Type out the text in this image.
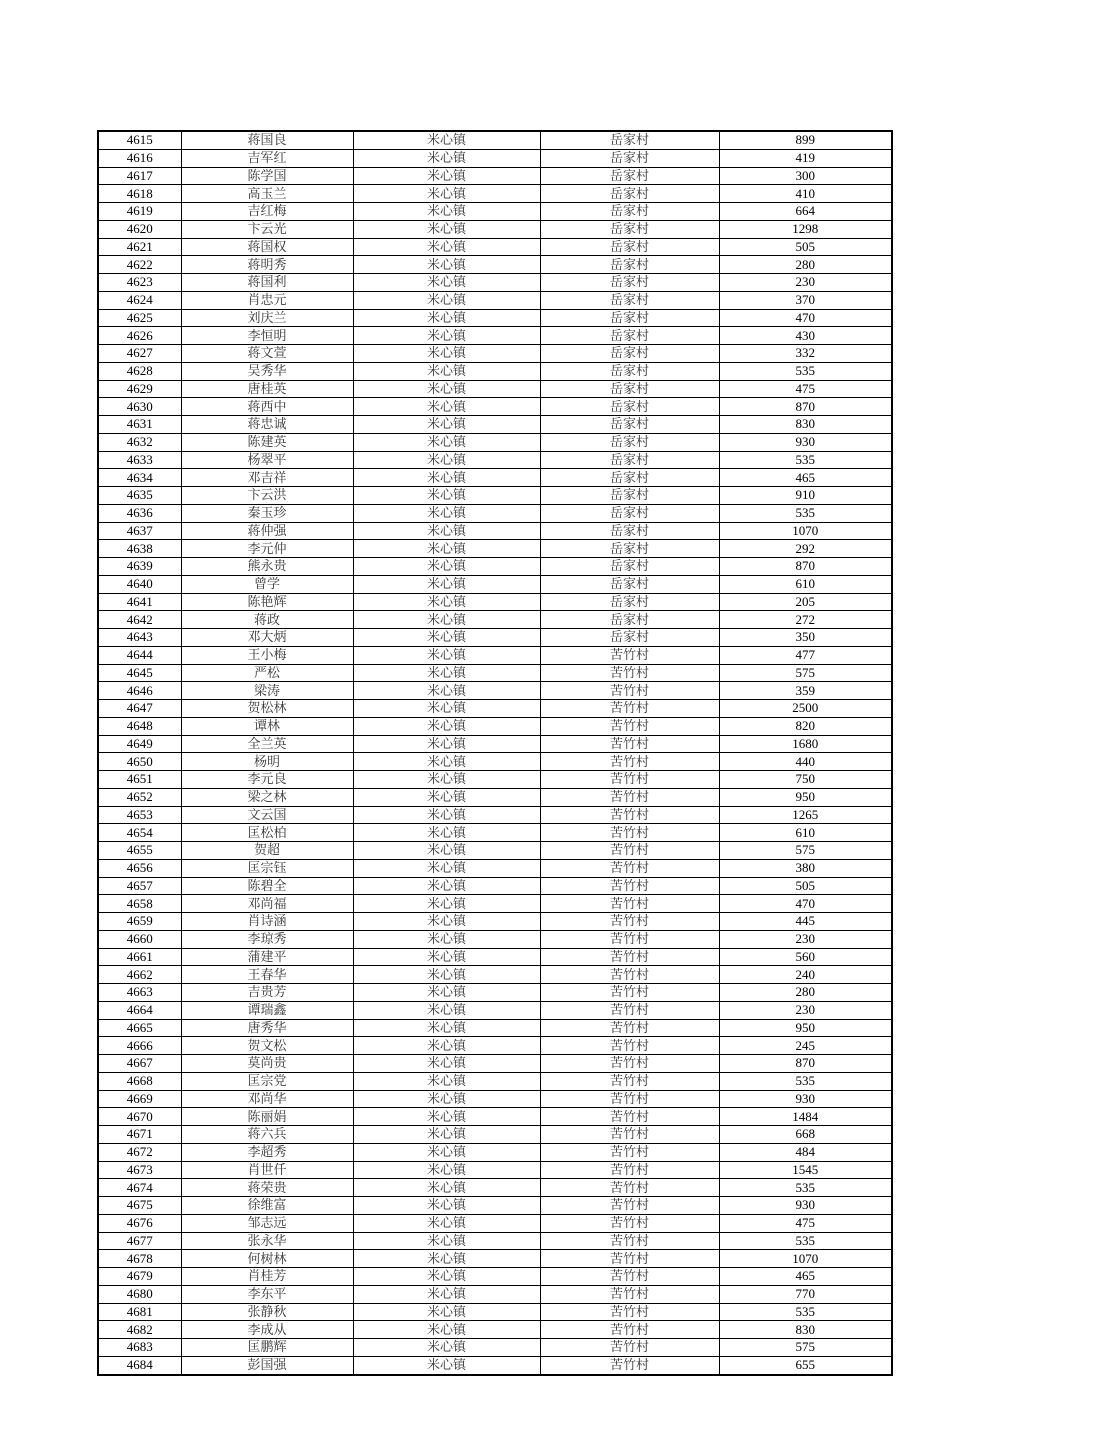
4615	蒋国良	米心镇	岳家村	899
4616	吉军红	米心镇	岳家村	419
4617	陈学国	米心镇	岳家村	300
4618	高玉兰	米心镇	岳家村	410
4619	吉红梅	米心镇	岳家村	664
4620	卞云光	米心镇	岳家村	1298
4621	蒋国权	米心镇	岳家村	505
4622	蒋明秀	米心镇	岳家村	280
4623	蒋国利	米心镇	岳家村	230
4624	肖忠元	米心镇	岳家村	370
4625	刘庆兰	米心镇	岳家村	470
4626	李恒明	米心镇	岳家村	430
4627	蒋文萱	米心镇	岳家村	332
4628	吴秀华	米心镇	岳家村	535
4629	唐桂英	米心镇	岳家村	475
4630	蒋西中	米心镇	岳家村	870
4631	蒋忠诚	米心镇	岳家村	830
4632	陈建英	米心镇	岳家村	930
4633	杨翠平	米心镇	岳家村	535
4634	邓吉祥	米心镇	岳家村	465
4635	卞云洪	米心镇	岳家村	910
4636	秦玉珍	米心镇	岳家村	535
4637	蒋仲强	米心镇	岳家村	1070
4638	李元仲	米心镇	岳家村	292
4639	熊永贵	米心镇	岳家村	870
4640	曾学	米心镇	岳家村	610
4641	陈艳辉	米心镇	岳家村	205
4642	蒋政	米心镇	岳家村	272
4643	邓大炳	米心镇	岳家村	350
4644	王小梅	米心镇	苦竹村	477
4645	严松	米心镇	苦竹村	575
4646	梁涛	米心镇	苦竹村	359
4647	贺松林	米心镇	苦竹村	2500
4648	谭林	米心镇	苦竹村	820
4649	全兰英	米心镇	苦竹村	1680
4650	杨明	米心镇	苦竹村	440
4651	李元良	米心镇	苦竹村	750
4652	梁之林	米心镇	苦竹村	950
4653	文云国	米心镇	苦竹村	1265
4654	匡松柏	米心镇	苦竹村	610
4655	贺超	米心镇	苦竹村	575
4656	匡宗钰	米心镇	苦竹村	380
4657	陈碧全	米心镇	苦竹村	505
4658	邓尚福	米心镇	苦竹村	470
4659	肖诗涵	米心镇	苦竹村	445
4660	李琼秀	米心镇	苦竹村	230
4661	蒲建平	米心镇	苦竹村	560
4662	王春华	米心镇	苦竹村	240
4663	吉贵芳	米心镇	苦竹村	280
4664	谭瑞鑫	米心镇	苦竹村	230
4665	唐秀华	米心镇	苦竹村	950
4666	贺文松	米心镇	苦竹村	245
4667	莫尚贵	米心镇	苦竹村	870
4668	匡宗党	米心镇	苦竹村	535
4669	邓尚华	米心镇	苦竹村	930
4670	陈丽娟	米心镇	苦竹村	1484
4671	蒋六兵	米心镇	苦竹村	668
4672	李超秀	米心镇	苦竹村	484
4673	肖世仟	米心镇	苦竹村	1545
4674	蒋荣贵	米心镇	苦竹村	535
4675	徐维富	米心镇	苦竹村	930
4676	邹志远	米心镇	苦竹村	475
4677	张永华	米心镇	苦竹村	535
4678	何树林	米心镇	苦竹村	1070
4679	肖桂芳	米心镇	苦竹村	465
4680	李东平	米心镇	苦竹村	770
4681	张静秋	米心镇	苦竹村	535
4682	李成从	米心镇	苦竹村	830
4683	匡鹏辉	米心镇	苦竹村	575
4684	彭国强	米心镇	苦竹村	655
